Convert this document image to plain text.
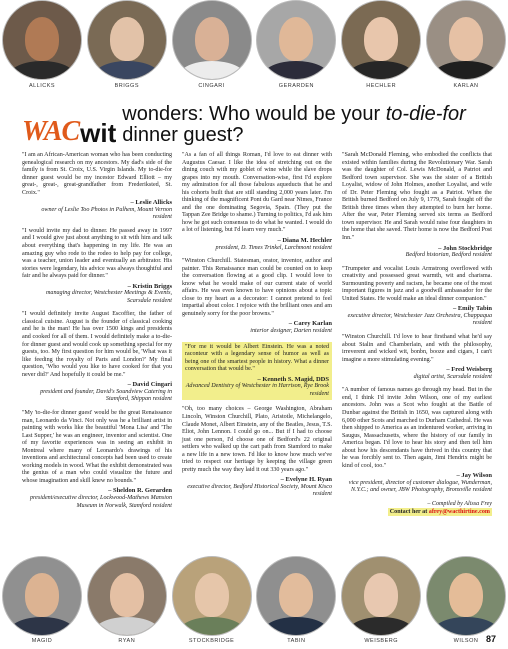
ALLICKS	BRIGGS	CINGARI	GERARDEN	HECHLER	KARLAN
WAC wit
wonders: Who would be your to-die-for dinner guest?

"I am an African-American woman who has been conducting genealogical research on my ancestors. My dad's side of the family is from St. Croix, U.S. Virgin Islands. My to-die-for dinner guest would be my incestor Edward Elliott – my great-, great-, great-grandfather from Frederiksted, St. Croix."

– Leslie Allicks
owner of Leslie Too Photos in Palhem, Mount Vernon resident

"I would invite my dad to dinner. He passed away in 1997 and I would give just about anything to sit with him and talk about everything that's happening in my life. He was an amazing guy who rode to the rodeo to help pay for college, was a teacher, union leader and eventually an arbitrator. His stories were legendary, his advice was always thoughtful and fair and he always paid for dinner."

– Kristin Briggs
managing director, Westchester Meetings & Events, Scarsdale resident

"I would definitely invite August Escoffier, the father of classical cuisine. August is the founder of classical cooking and he is the man! He has over 1500 kings and presidents and cooked for all of them. I would definitely make a to-die-for dinner guest and would cook up something special for my guests, too. My first question for him would be, 'What was it like feeding the royalty of Paris and London?' My final question, 'Who would you like to have cooked for that you never did?' And hopefully it could be me."

– David Cingari
president and founder, David's Soundview Catering in Stamford, Shippan resident

"My 'to-die-for dinner guest' would be the great Renaissance man, Leonardo da Vinci. Not only was he a brilliant artist in painting with works like the beautiful 'Mona Lisa' and 'The Last Supper,' he was an engineer, inventor and scientist. One of my favorite experiences was in seeing an exhibit in Montreal where many of Leonardo's drawings of his inventions and architectural concepts had been used to create working models in wood. What the exhibit demonstrated was the genius of a man who could visualize the future and whose imagination and skill knew no bounds."

– Sheldon R. Gerarden
president/executive director, Lockwood-Mathews Mansion Museum in Norwalk, Stamford resident

"As a fan of all things Roman, I'd love to eat dinner with Augustus Caesar. I like the idea of stretching out on the dining couch with my goblet of wine while the slave drops grapes into my mouth. Conversation-wise, first I'd explore my admiration for all those fabulous aqueducts that he and his cohorts built that are still standing 2,000 years later. I'm thinking of the magnificent Pont du Gard near Nimes, France and the one dominating Segovia, Spain. (They put the Tappan Zee Bridge to shame.) Turning to politics, I'd ask him how he got such consensus to do what he wanted. I would do a lot of listening, but I'd learn very much."

– Diana M. Hechler
president, D. Times Trinkel, Larchmont resident

"Winston Churchill. Statesman, orator, inventor, author and painter. This Renaissance man could be counted on to keep the conversation flowing at a good clip. I would love to know what he would make of our current state of world affairs. He was even known to have opinions about a topic close to my heart as a decorator: I cannot pretend to feel impartial about color. I rejoice with the brilliant ones and am genuinely sorry for the poor browns."

– Carey Karlan
interior designer, Darien resident

"For me it would be Albert Einstein. He was a noted raconteur with a legendary sense of humor as well as being one of the smartest people in history. What a dinner conversation that would be."

– Kenneth S. Magid, DDS
Advanced Dentistry of Westchester in Harrison, Rye Brook resident

"Oh, too many choices – George Washington, Abraham Lincoln, Winston Churchill, Plato, Aristotle, Michelangelo, Claude Monet, Albert Einstein, any of the Beatles, Jesus, T.S. Eliot, John Lennon. I could go on... But if I had to choose just one person, I'd choose one of Bedford's 22 original settlers who walked up the cart path from Stamford to make a new life in a new town. I'd like to know how much we've tried to respect our heritage by keeping the village green pretty much the way they laid it out 330 years ago."

– Evelyne H. Ryan
executive director, Bedford Historical Society, Mount Kisco resident

"Sarah McDonald Fleming, who embodied the conflicts that existed within families during the Revolutionary War. Sarah was the daughter of Col. Lewis McDonald, a Patriot and Bedford town supervisor. She was the sister of a British Loyalist, widow of John Holmes, another Loyalist, and wife of Dr. Peter Fleming who fought as a Patriot. When the British burned Bedford on July 9, 1779, Sarah fought off the British three times when they attempted to burn her home. After the war, Peter Fleming served six terms as Bedford town supervisor. He and Sarah would raise four daughters in the home that she saved. Their home is now the Bedford Post Inn."

– John Stockbridge
Bedford historian, Bedford resident

"Trumpeter and vocalist Louis Armstrong overflowed with creativity and possessed great warmth, wit and charisma. Surmounting poverty and racism, he became one of the most important figures in jazz and a goodwill ambassador for the United States. He would make an ideal dinner companion."

– Emily Tabin
executive director, Westchester Jazz Orchestra, Chappaqua resident

"Winston Churchill. I'd love to hear firsthand what he'd say about Stalin and Chamberlain, and with the philosophy, irreverent and wicked wit, bonbn, booze and cigars, I can't imagine a more stimulating evening."

– Fred Weisberg
digital artist, Scarsdale resident

"A number of famous names go through my head. But in the end, I think I'd invite John Wilson, one of my earliest ancestors. John was a Scot who fought at the Battle of Dunbar against the British in 1650, was captured along with 6,000 other Scots and marched to Durham Cathedral. He was then shipped to America as an indentured worker, arriving in Saugus, Massachusetts, where the history of our family in America began. I'd love to hear his story and then tell him about how his descendants have thrived in this country that he was forcibly sent to. Then again, Jimi Hendrix might be kind of cool, too."

– Jay Wilson
vice president, director of customer dialogue, Wunderman, N.Y.C.; and owner, JBW Photography, Bronxville resident
– Compiled by Alissa Frey
Contact her at afrey@wacthirtine.com
MAGID	RYAN	STOCKBRIDGE	TABIN	WEISBERG	WILSON 87
